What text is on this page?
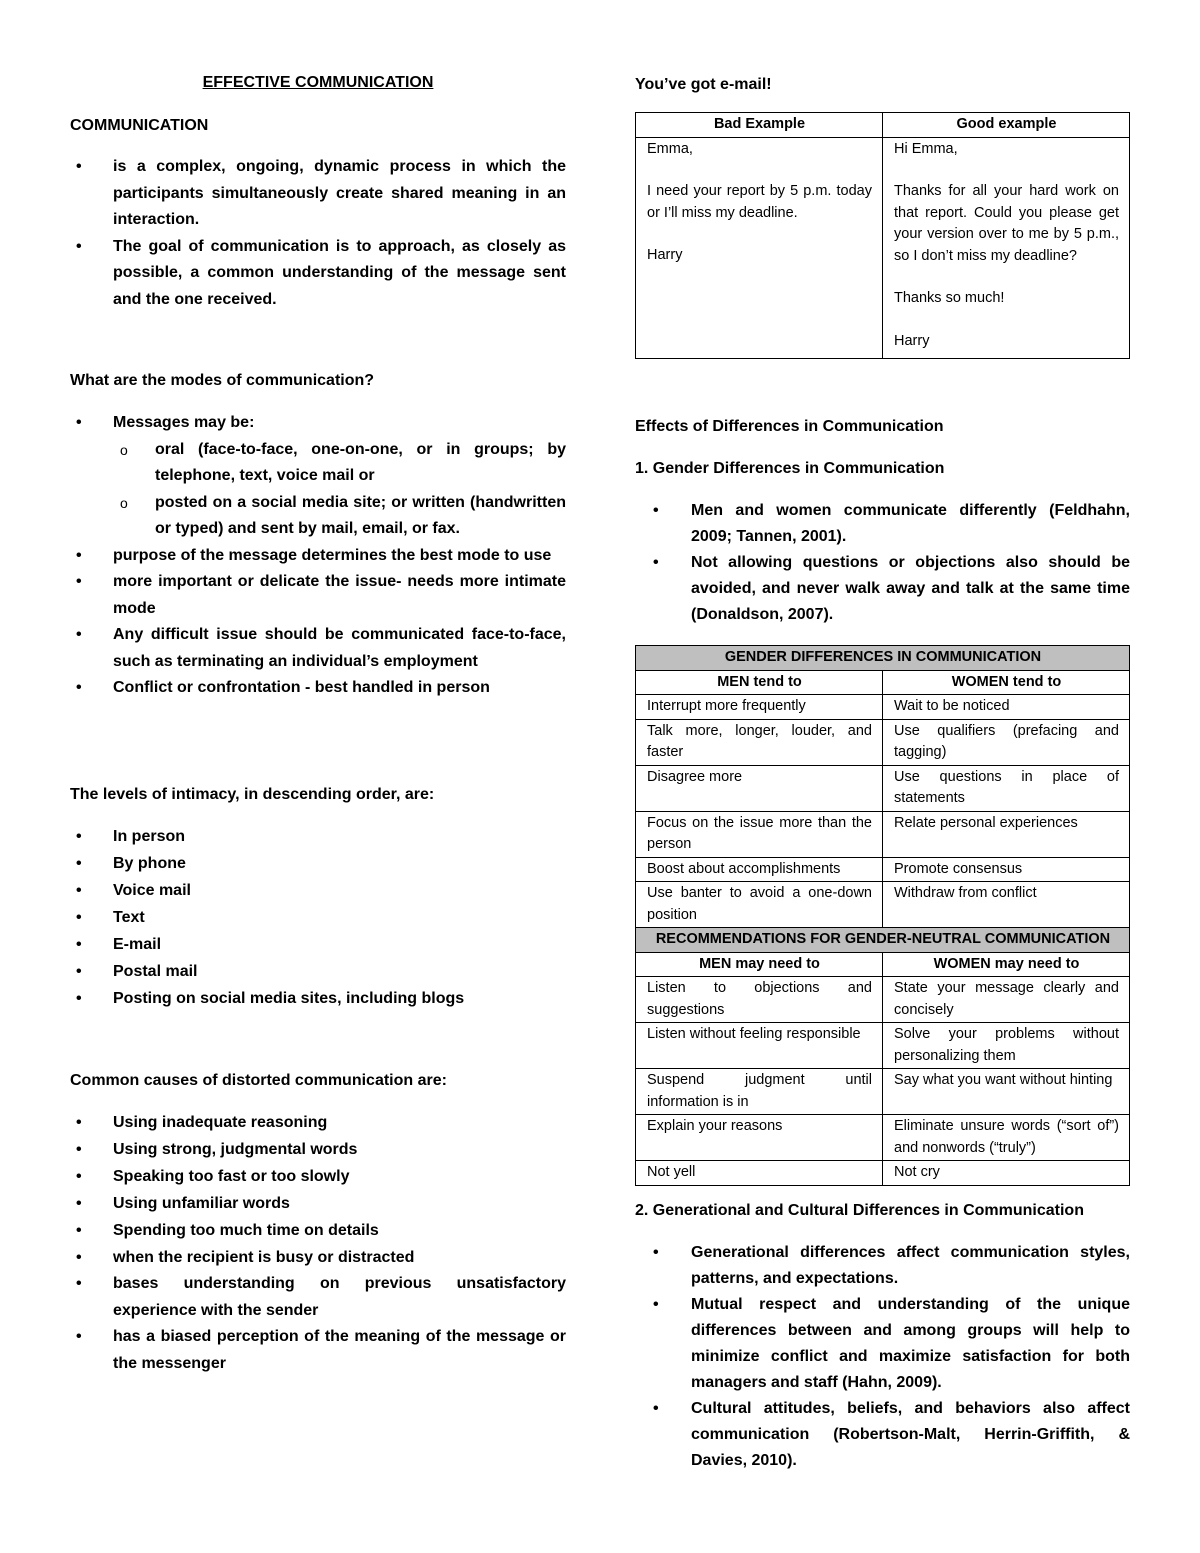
EFFECTIVE COMMUNICATION
COMMUNICATION
• is a complex, ongoing, dynamic process in which the participants simultaneously create shared meaning in an interaction.
• The goal of communication is to approach, as closely as possible, a common understanding of the message sent and the one received.
What are the modes of communication?
• Messages may be:
o oral (face-to-face, one-on-one, or in groups; by telephone, text, voice mail or
o posted on a social media site; or written (handwritten or typed) and sent by mail, email, or fax.
• purpose of the message determines the best mode to use
• more important or delicate the issue- needs more intimate mode
• Any difficult issue should be communicated face-to-face, such as terminating an individual’s employment
• Conflict or confrontation - best handled in person
The levels of intimacy, in descending order, are:
• In person
• By phone
• Voice mail
• Text
• E-mail
• Postal mail
• Posting on social media sites, including blogs
Common causes of distorted communication are:
• Using inadequate reasoning
• Using strong, judgmental words
• Speaking too fast or too slowly
• Using unfamiliar words
• Spending too much time on details
• when the recipient is busy or distracted
• bases understanding on previous unsatisfactory experience with the sender
• has a biased perception of the meaning of the message or the messenger
You’ve got e-mail!
Bad Example	Good example

Emma,
I need your report by 5 p.m. today or I’ll miss my deadline.
Harry	Hi Emma,
Thanks for all your hard work on that report. Could you please get your version over to me by 5 p.m., so I don’t miss my deadline?
Thanks so much!
Harry
Effects of Differences in Communication
1. Gender Differences in Communication
• Men and women communicate differently (Feldhahn, 2009; Tannen, 2001).
• Not allowing questions or objections also should be avoided, and never walk away and talk at the same time (Donaldson, 2007).
GENDER DIFFERENCES IN COMMUNICATION	
MEN tend to	WOMEN tend to
Interrupt more frequently	Wait to be noticed
Talk more, longer, louder, and faster	Use qualifiers (prefacing and tagging)
Disagree more	Use questions in place of statements
Focus on the issue more than the person	Relate personal experiences
Boost about accomplishments	Promote consensus
Use banter to avoid a one-down position	Withdraw from conflict
RECOMMENDATIONS FOR GENDER-NEUTRAL COMMUNICATION	
MEN may need to	WOMEN may need to
Listen to objections and suggestions	State your message clearly and concisely
Listen without feeling responsible	Solve your problems without personalizing them
Suspend judgment until information is in	Say what you want without hinting
Explain your reasons	Eliminate unsure words (“sort of”) and nonwords (“truly”)
Not yell	Not cry
2. Generational and Cultural Differences in Communication
• Generational differences affect communication styles, patterns, and expectations.
• Mutual respect and understanding of the unique differences between and among groups will help to minimize conflict and maximize satisfaction for both managers and staff (Hahn, 2009).
• Cultural attitudes, beliefs, and behaviors also affect communication (Robertson-Malt, Herrin-Griffith, & Davies, 2010).
